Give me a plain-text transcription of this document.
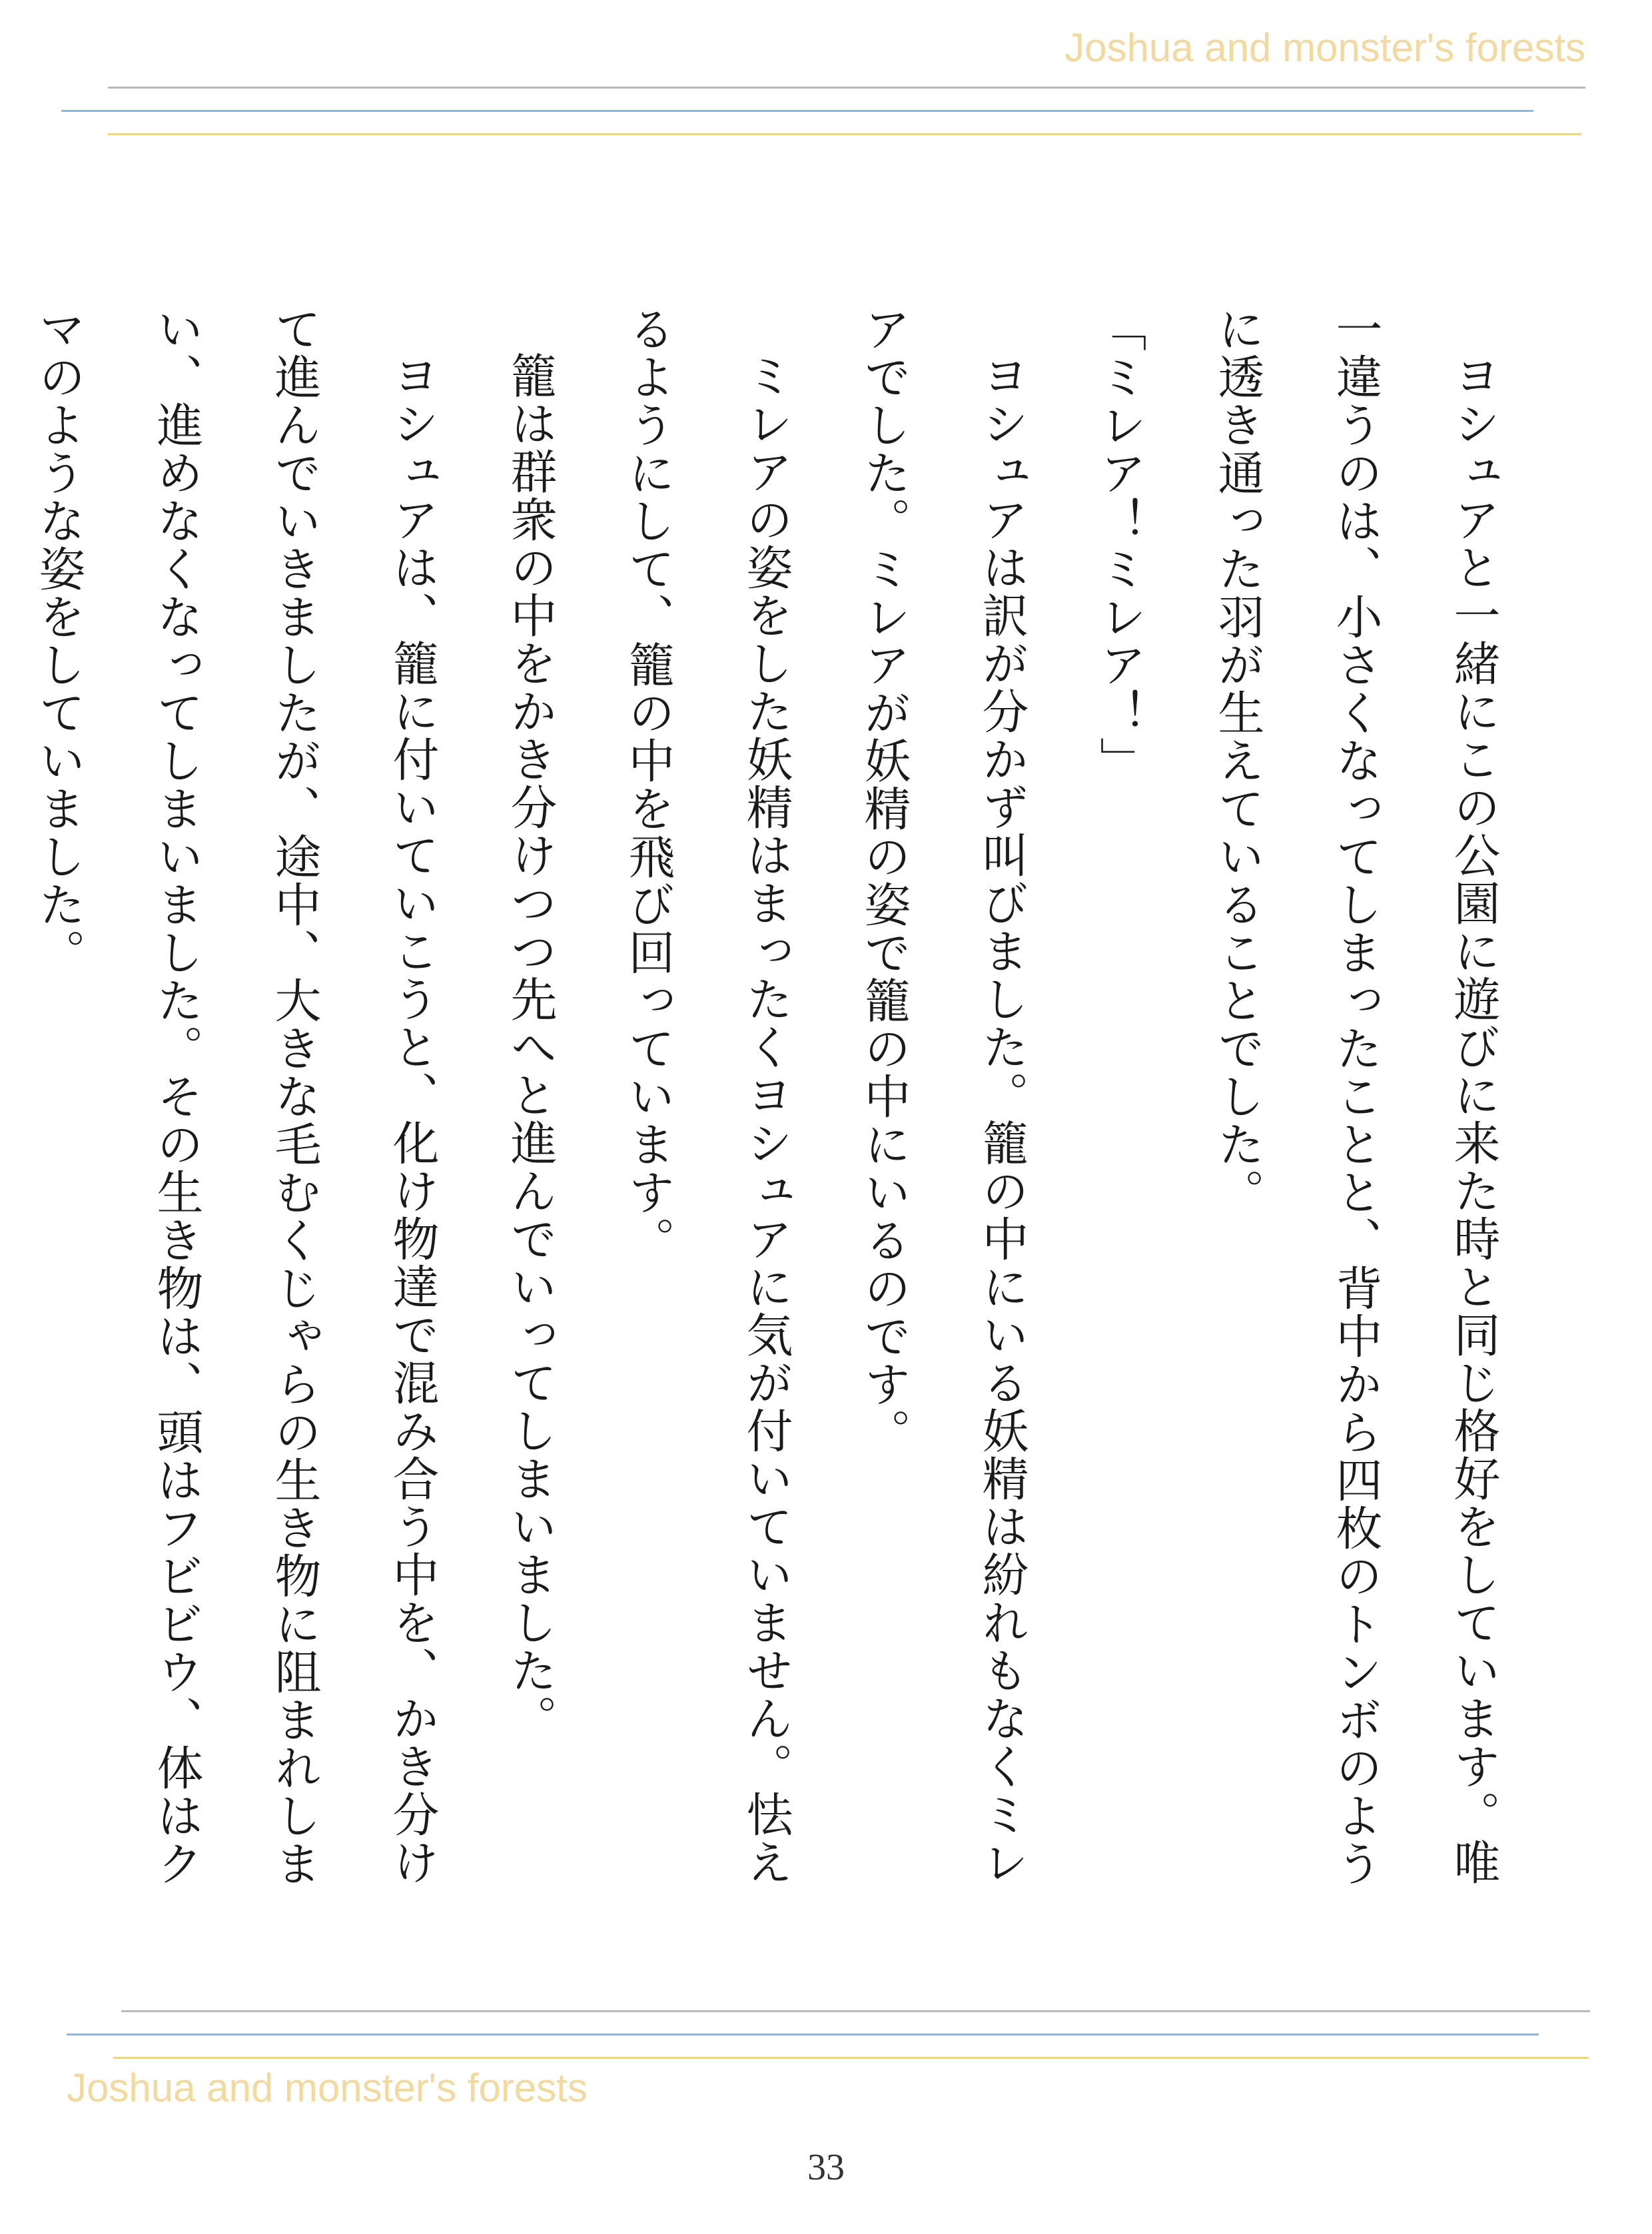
Joshua and monster's forests

ヨシュアと一緒にこの公園に遊びに来た時と同じ格好をしています。唯一違うのは、小さくなってしまったことと、背中から四枚のトンボのように透き通った羽が生えていることでした。

「ミレア！ミレア！」

ヨシュアは訳が分かず叫びました。籠の中にいる妖精は紛れもなくミレアでした。ミレアが妖精の姿で籠の中にいるのです。

ミレアの姿をした妖精はまったくヨシュアに気が付いていません。怯えるようにして、籠の中を飛び回っています。

籠は群衆の中をかき分けつつ先へと進んでいってしまいました。

ヨシュアは、籠に付いていこうと、化け物達で混み合う中を、かき分けて進んでいきましたが、途中、大きな毛むくじゃらの生き物に阻まれしまい、進めなくなってしまいました。その生き物は、頭はフビビウ、体はクマのような姿をしていました。

Joshua and monster's forests
33
